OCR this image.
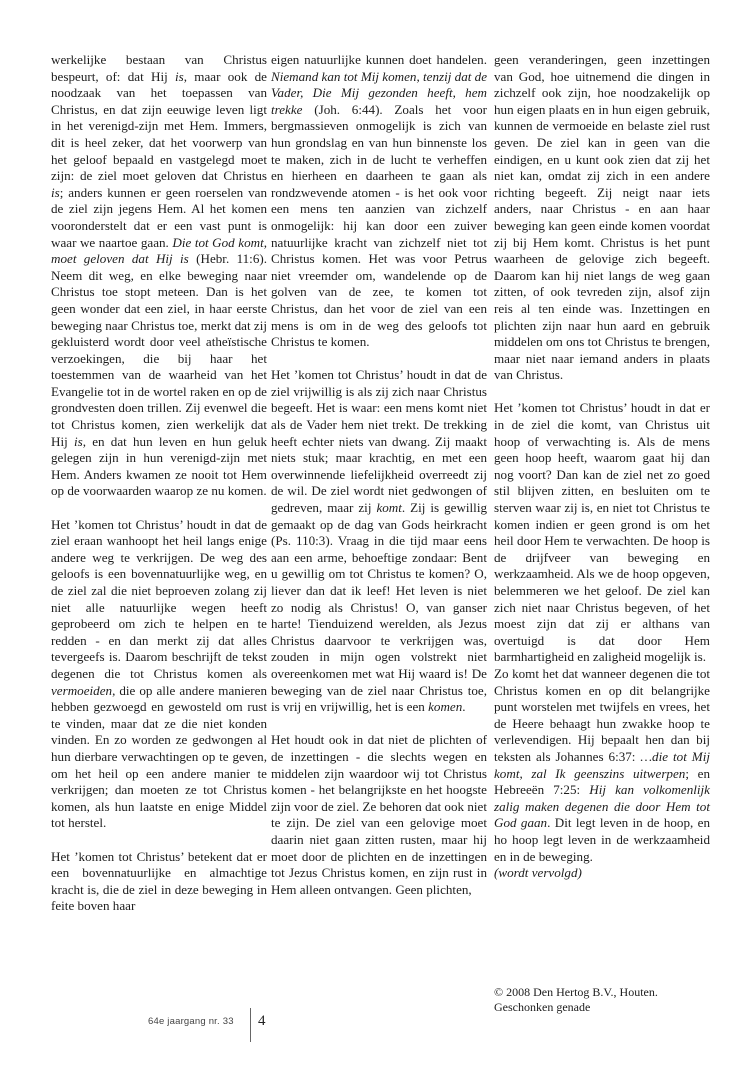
werkelijke bestaan van Christus bespeurt, of: dat Hij is, maar ook de noodzaak van het toepassen van Christus, en dat zijn eeuwige leven ligt in het verenigd-zijn met Hem. Immers, dit is heel zeker, dat het voorwerp van het geloof bepaald en vastgelegd moet zijn: de ziel moet geloven dat Christus is; anders kunnen er geen roerselen van de ziel zijn jegens Hem. Al het komen vooronderstelt dat er een vast punt is waar we naartoe gaan. Die tot God komt, moet geloven dat Hij is (Hebr. 11:6). Neem dit weg, en elke beweging naar Christus toe stopt meteen. Dan is het geen wonder dat een ziel, in haar eerste beweging naar Christus toe, merkt dat zij gekluisterd wordt door veel atheïstische verzoekingen, die bij haar het toestemmen van de waarheid van het Evangelie tot in de wortel raken en op de grondvesten doen trillen. Zij evenwel die tot Christus komen, zien werkelijk dat Hij is, en dat hun leven en hun geluk gelegen zijn in hun verenigd-zijn met Hem. Anders kwamen ze nooit tot Hem op de voorwaarden waarop ze nu komen.

Het ’komen tot Christus’ houdt in dat de ziel eraan wanhoopt het heil langs enige andere weg te verkrijgen. De weg des geloofs is een bovennatuurlijke weg, en de ziel zal die niet beproeven zolang zij niet alle natuurlijke wegen heeft geprobeerd om zich te helpen en te redden - en dan merkt zij dat alles tevergeefs is. Daarom beschrijft de tekst degenen die tot Christus komen als vermoeiden, die op alle andere manieren hebben gezwoegd en gewosteld om rust te vinden, maar dat ze die niet konden vinden. En zo worden ze gedwongen al hun dierbare verwachtingen op te geven, om het heil op een andere manier te verkrijgen; dan moeten ze tot Christus komen, als hun laatste en enige Middel tot herstel.

Het ’komen tot Christus’ betekent dat er een bovennatuurlijke en almachtige kracht is, die de ziel in deze beweging in feite boven haar

eigen natuurlijke kunnen doet handelen. Niemand kan tot Mij komen, tenzij dat de Vader, Die Mij gezonden heeft, hem trekke (Joh. 6:44). Zoals het voor bergmassieven onmogelijk is zich van hun grondslag en van hun binnenste los te maken, zich in de lucht te verheffen en hierheen en daarheen te gaan als rondzwevende atomen - is het ook voor een mens ten aanzien van zichzelf onmogelijk: hij kan door een zuiver natuurlijke kracht van zichzelf niet tot Christus komen. Het was voor Petrus niet vreemder om, wandelende op de golven van de zee, te komen tot Christus, dan het voor de ziel van een mens is om in de weg des geloofs tot Christus te komen.

Het ’komen tot Christus’ houdt in dat de ziel vrijwillig is als zij zich naar Christus begeeft. Het is waar: een mens komt niet als de Vader hem niet trekt. De trekking heeft echter niets van dwang. Zij maakt niets stuk; maar krachtig, en met een overwinnende liefelijkheid overreedt zij de wil. De ziel wordt niet gedwongen of gedreven, maar zij komt. Zij is gewillig gemaakt op de dag van Gods heirkracht (Ps. 110:3). Vraag in die tijd maar eens aan een arme, behoeftige zondaar: Bent u gewillig om tot Christus te komen? O, liever dan dat ik leef! Het leven is niet zo nodig als Christus! O, van ganser harte! Tienduizend werelden, als Jezus Christus daarvoor te verkrijgen was, zouden in mijn ogen volstrekt niet overeenkomen met wat Hij waard is! De beweging van de ziel naar Christus toe, is vrij en vrijwillig, het is een komen.

Het houdt ook in dat niet de plichten of de inzettingen - die slechts wegen en middelen zijn waardoor wij tot Christus komen - het belangrijkste en het hoogste zijn voor de ziel. Ze behoren dat ook niet te zijn. De ziel van een gelovige moet daarin niet gaan zitten rusten, maar hij moet door de plichten en de inzettingen tot Jezus Christus komen, en zijn rust in Hem alleen ontvangen. Geen plichten,

geen veranderingen, geen inzettingen van God, hoe uitnemend die dingen in zichzelf ook zijn, hoe noodzakelijk op hun eigen plaats en in hun eigen gebruik, kunnen de vermoeide en belaste ziel rust geven. De ziel kan in geen van die eindigen, en u kunt ook zien dat zij het niet kan, omdat zij zich in een andere richting begeeft. Zij neigt naar iets anders, naar Christus - en aan haar beweging kan geen einde komen voordat zij bij Hem komt. Christus is het punt waarheen de gelovige zich begeeft. Daarom kan hij niet langs de weg gaan zitten, of ook tevreden zijn, alsof zijn reis al ten einde was. Inzettingen en plichten zijn naar hun aard en gebruik middelen om ons tot Christus te brengen, maar niet naar iemand anders in plaats van Christus.

Het ’komen tot Christus’ houdt in dat er in de ziel die komt, van Christus uit hoop of verwachting is. Als de mens geen hoop heeft, waarom gaat hij dan nog voort? Dan kan de ziel net zo goed stil blijven zitten, en besluiten om te sterven waar zij is, en niet tot Christus te komen indien er geen grond is om het heil door Hem te verwachten. De hoop is de drijfveer van beweging en werkzaamheid. Als we de hoop opgeven, belemmeren we het geloof. De ziel kan zich niet naar Christus begeven, of het moest zijn dat zij er althans van overtuigd is dat door Hem barmhartigheid en zaligheid mogelijk is.

Zo komt het dat wanneer degenen die tot Christus komen en op dit belangrijke punt worstelen met twijfels en vrees, het de Heere behaagt hun zwakke hoop te verlevendigen. Hij bepaalt hen dan bij teksten als Johannes 6:37: …die tot Mij komt, zal Ik geenszins uitwerpen; en Hebreeën 7:25: Hij kan volkomenlijk zalig maken degenen die door Hem tot God gaan. Dit legt leven in de hoop, en ho hoop legt leven in de werkzaamheid en in de beweging.

(wordt vervolgd)

© 2008 Den Hertog B.V., Houten.
Geschonken genade
64e jaargang nr. 33 4
